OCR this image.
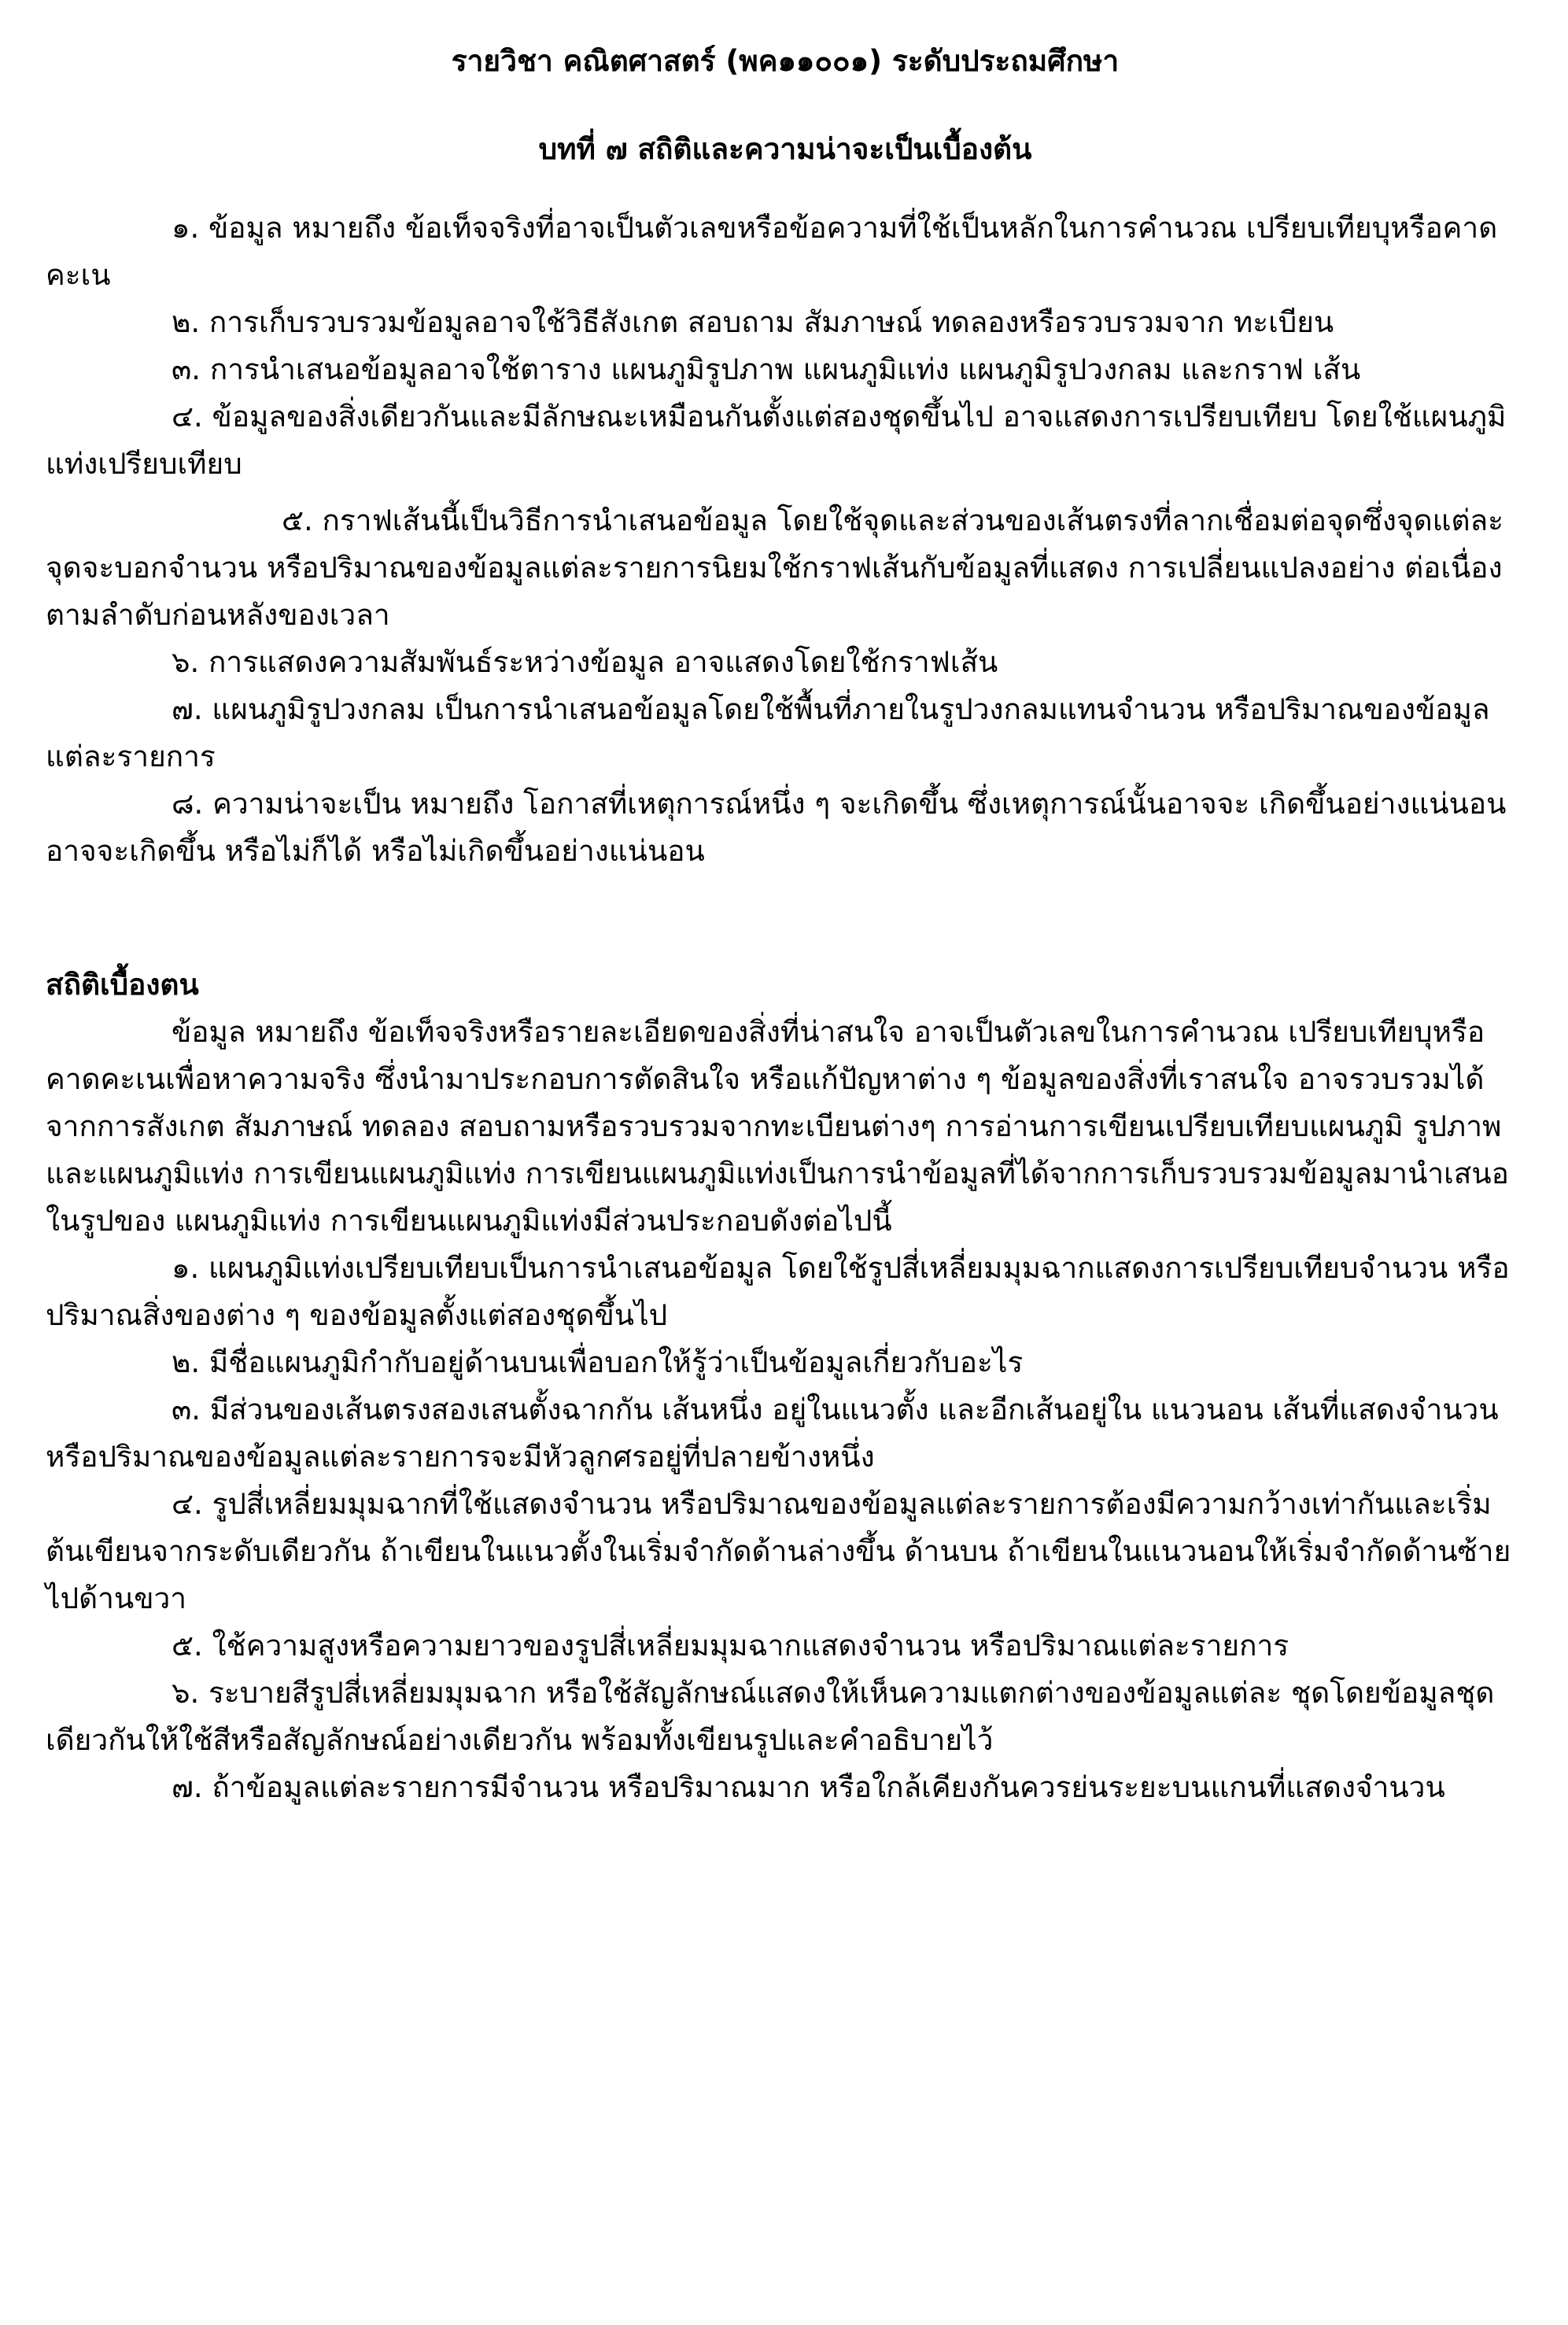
รายวิชา คณิตศาสตร์ (พค๑๑๐๐๑) ระดับประถมศึกษา

บทที่ ๗ สถิติและความน่าจะเป็นเบื้องต้น

๑. ข้อมูล หมายถึง ข้อเท็จจริงที่อาจเป็นตัวเลขหรือข้อความที่ใช้เป็นหลักในการคำนวณ เปรียบเทียบุหรือคาดคะเน

๒. การเก็บรวบรวมข้อมูลอาจใช้วิธีสังเกต สอบถาม สัมภาษณ์ ทดลองหรือรวบรวมจาก ทะเบียน

๓. การนำเสนอข้อมูลอาจใช้ตาราง แผนภูมิรูปภาพ แผนภูมิแท่ง แผนภูมิรูปวงกลม และกราฟ เส้น

๔. ข้อมูลของสิ่งเดียวกันและมีลักษณะเหมือนกันตั้งแต่สองชุดขึ้นไป อาจแสดงการเปรียบเทียบ โดยใช้แผนภูมิแท่งเปรียบเทียบ

๕. กราฟเส้นนี้เป็นวิธีการนำเสนอข้อมูล โดยใช้จุดและส่วนของเส้นตรงที่ลากเชื่อมต่อจุดซึ่งจุดแต่ละจุดจะบอกจำนวน หรือปริมาณของข้อมูลแต่ละรายการนิยมใช้กราฟเส้นกับข้อมูลที่แสดง การเปลี่ยนแปลงอย่าง ต่อเนื่องตามลำดับก่อนหลังของเวลา

๖. การแสดงความสัมพันธ์ระหว่างข้อมูล อาจแสดงโดยใช้กราฟเส้น

๗. แผนภูมิรูปวงกลม เป็นการนำเสนอข้อมูลโดยใช้พื้นที่ภายในรูปวงกลมแทนจำนวน หรือปริมาณของข้อมูลแต่ละรายการ

๘. ความน่าจะเป็น หมายถึง โอกาสที่เหตุการณ์หนึ่ง ๆ จะเกิดขึ้น ซึ่งเหตุการณ์นั้นอาจจะ เกิดขึ้นอย่างแน่นอน อาจจะเกิดขึ้น หรือไม่ก็ได้ หรือไม่เกิดขึ้นอย่างแน่นอน

สถิติเบื้องตน

ข้อมูล หมายถึง ข้อเท็จจริงหรือรายละเอียดของสิ่งที่น่าสนใจ อาจเป็นตัวเลขในการคำนวณ เปรียบเทียบุหรือคาดคะเนเพื่อหาความจริง ซึ่งนำมาประกอบการตัดสินใจ หรือแก้ปัญหาต่าง ๆ ข้อมูลของสิ่งที่เราสนใจ อาจรวบรวมได้จากการสังเกต สัมภาษณ์ ทดลอง สอบถามหรือรวบรวมจากทะเบียนต่างๆ การอ่านการเขียนเปรียบเทียบแผนภูมิ รูปภาพ และแผนภูมิแท่ง การเขียนแผนภูมิแท่ง การเขียนแผนภูมิแท่งเป็นการนำข้อมูลที่ได้จากการเก็บรวบรวมข้อมูลมานำเสนอในรูปของ แผนภูมิแท่ง การเขียนแผนภูมิแท่งมีส่วนประกอบดังต่อไปนี้

๑. แผนภูมิแท่งเปรียบเทียบเป็นการนำเสนอข้อมูล โดยใช้รูปสี่เหลี่ยมมุมฉากแสดงการเปรียบเทียบจำนวน หรือปริมาณสิ่งของต่าง ๆ ของข้อมูลตั้งแต่สองชุดขึ้นไป

๒. มีชื่อแผนภูมิกำกับอยู่ด้านบนเพื่อบอกให้รู้ว่าเป็นข้อมูลเกี่ยวกับอะไร

๓. มีส่วนของเส้นตรงสองเสนตั้งฉากกัน เส้นหนึ่ง อยู่ในแนวตั้ง และอีกเส้นอยู่ใน แนวนอน เส้นที่แสดงจำนวน หรือปริมาณของข้อมูลแต่ละรายการจะมีหัวลูกศรอยู่ที่ปลายข้างหนึ่ง

๔. รูปสี่เหลี่ยมมุมฉากที่ใช้แสดงจำนวน หรือปริมาณของข้อมูลแต่ละรายการต้องมีความกว้างเท่ากันและเริ่มต้นเขียนจากระดับเดียวกัน ถ้าเขียนในแนวตั้งในเริ่มจำกัดด้านล่างขึ้น ด้านบน ถ้าเขียนในแนวนอนให้เริ่มจำกัดด้านซ้ายไปด้านขวา

๕. ใช้ความสูงหรือความยาวของรูปสี่เหลี่ยมมุมฉากแสดงจำนวน หรือปริมาณแต่ละรายการ

๖. ระบายสีรูปสี่เหลี่ยมมุมฉาก หรือใช้สัญลักษณ์แสดงให้เห็นความแตกต่างของข้อมูลแต่ละ ชุดโดยข้อมูลชุดเดียวกันให้ใช้สีหรือสัญลักษณ์อย่างเดียวกัน พร้อมทั้งเขียนรูปและคำอธิบายไว้

๗. ถ้าข้อมูลแต่ละรายการมีจำนวน หรือปริมาณมาก หรือใกล้เคียงกันควรย่นระยะบนแกนที่แสดงจำนวน
